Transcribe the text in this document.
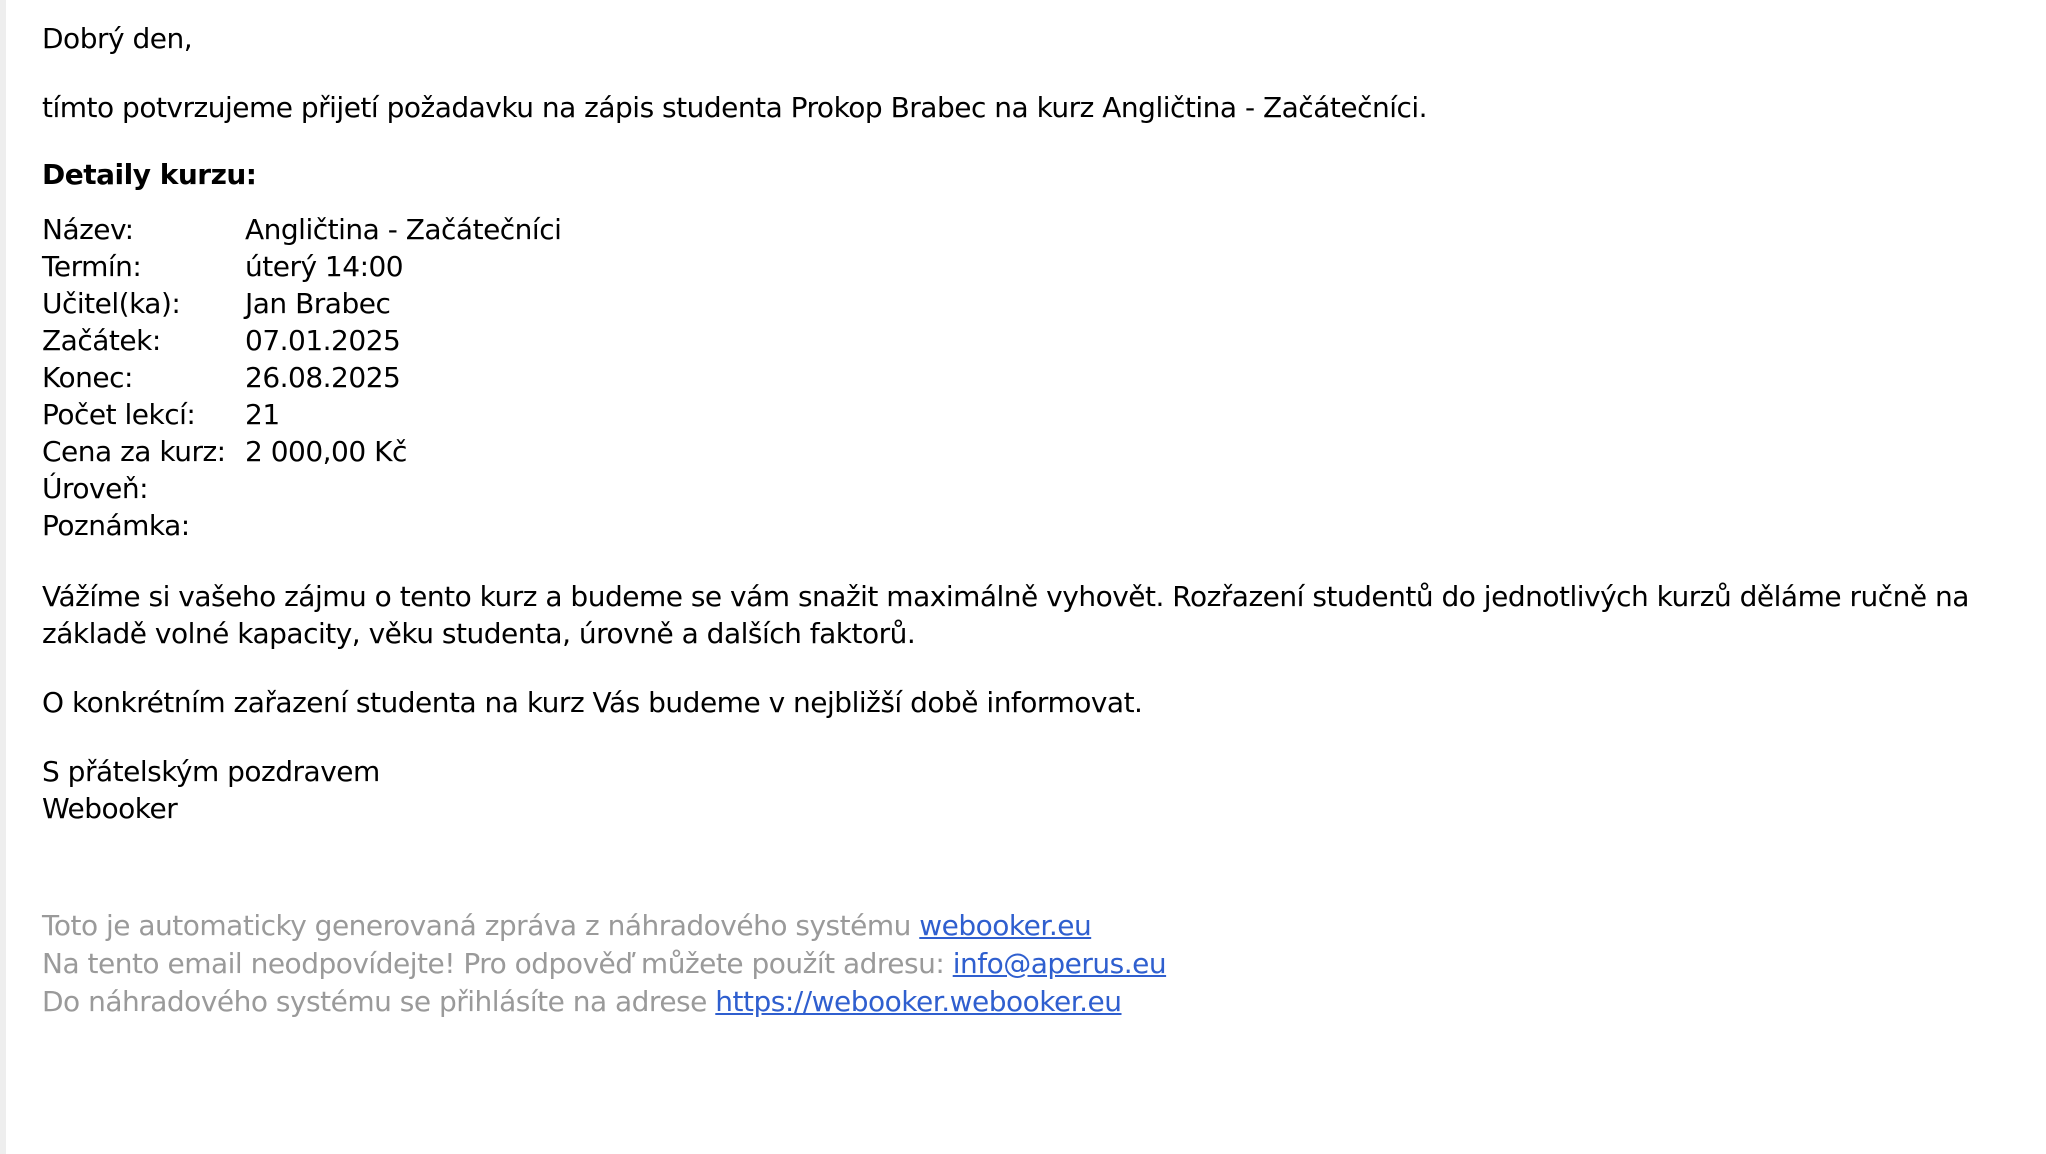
Dobrý den,

tímto potvrzujeme přijetí požadavku na zápis studenta Prokop Brabec na kurz Angličtina - Začátečníci.

Detaily kurzu:

Název:	Angličtina - Začátečníci
Termín:	úterý 14:00
Učitel(ka):	Jan Brabec
Začátek:	07.01.2025
Konec:	26.08.2025
Počet lekcí:	21
Cena za kurz:	2 000,00 Kč
Úroveň:	
Poznámka:	

Vážíme si vašeho zájmu o tento kurz a budeme se vám snažit maximálně vyhovět. Rozřazení studentů do jednotlivých kurzů děláme ručně na základě volné kapacity, věku studenta, úrovně a dalších faktorů.

O konkrétním zařazení studenta na kurz Vás budeme v nejbližší době informovat.

S přátelským pozdravem

Webooker

Toto je automaticky generovaná zpráva z náhradového systému webooker.eu
Na tento email neodpovídejte! Pro odpověď můžete použít adresu: info@aperus.eu
Do náhradového systému se přihlásíte na adrese https://webooker.webooker.eu
